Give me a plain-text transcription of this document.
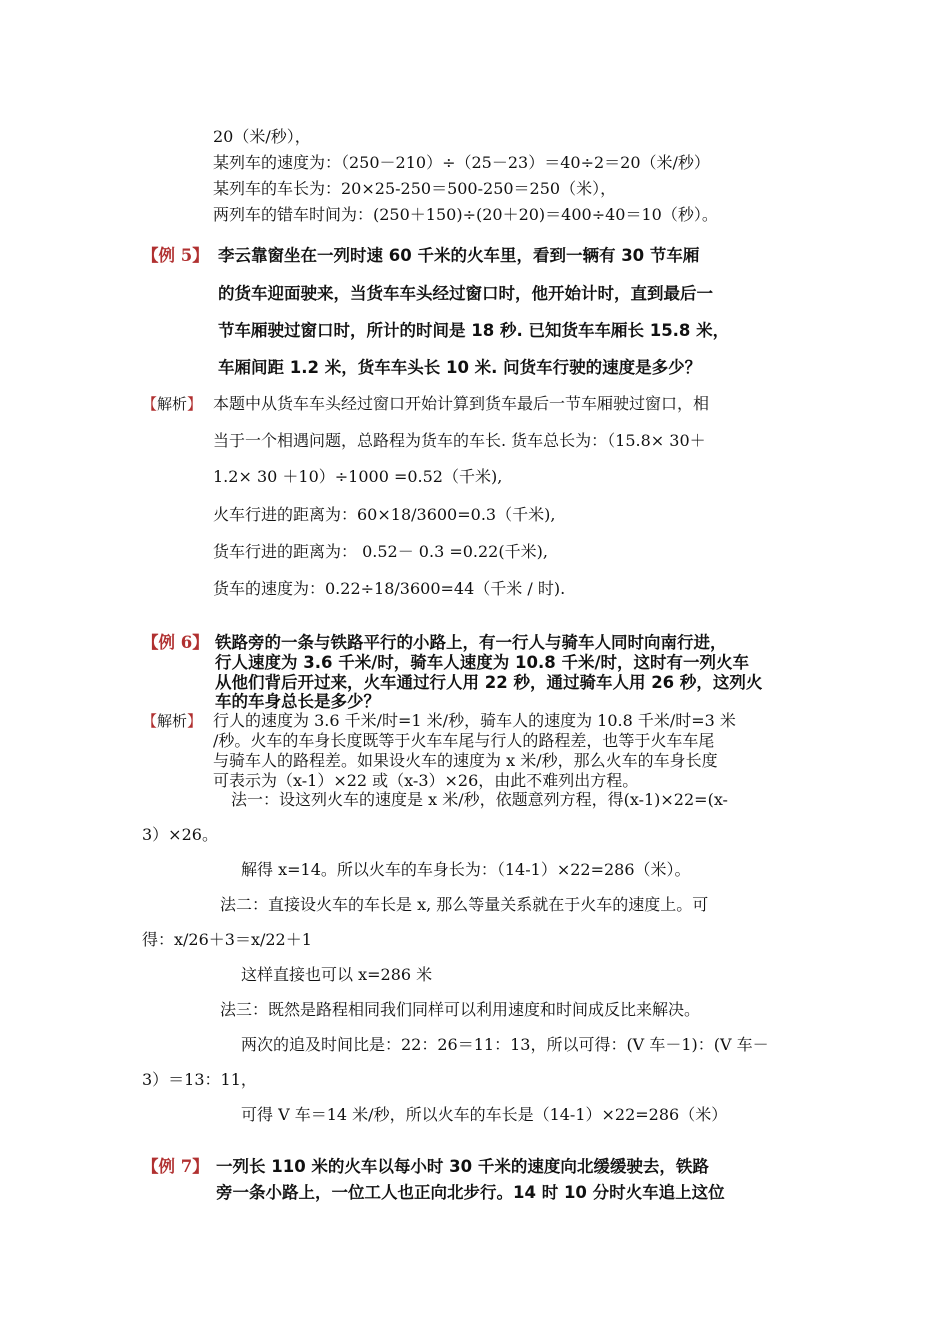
20（米/秒），
某列车的速度为：（250－210）÷（25－23）＝40÷2＝20（米/秒）
某列车的车长为：20×25-250＝500-250＝250（米），
两列车的错车时间为：(250＋150)÷(20＋20)＝400÷40＝10（秒）。
【例 5】 李云靠窗坐在一列时速 60 千米的火车里，看到一辆有 30 节车厢
的货车迎面驶来，当货车车头经过窗口时，他开始计时，直到最后一
节车厢驶过窗口时，所计的时间是 18 秒. 已知货车车厢长 15.8 米，
车厢间距 1.2 米，货车车头长 10 米. 问货车行驶的速度是多少？
【解析】 本题中从货车车头经过窗口开始计算到货车最后一节车厢驶过窗口，相
当于一个相遇问题，总路程为货车的车长. 货车总长为：（15.8× 30＋
1.2× 30 ＋10）÷1000 =0.52（千米),
火车行进的距离为：60×18/3600=0.3（千米),
货车行进的距离为： 0.52－ 0.3 =0.22(千米),
货车的速度为：0.22÷18/3600=44（千米 / 时).
【例 6】 铁路旁的一条与铁路平行的小路上，有一行人与骑车人同时向南行进，
行人速度为 3.6 千米/时，骑车人速度为 10.8 千米/时，这时有一列火车
从他们背后开过来，火车通过行人用 22 秒，通过骑车人用 26 秒，这列火
车的车身总长是多少？
【解析】 行人的速度为 3.6 千米/时=1 米/秒，骑车人的速度为 10.8 千米/时=3 米
/秒。火车的车身长度既等于火车车尾与行人的路程差，也等于火车车尾
与骑车人的路程差。如果设火车的速度为 x 米/秒，那么火车的车身长度
可表示为（x-1）×22 或（x-3）×26，由此不难列出方程。
法一：设这列火车的速度是 x 米/秒，依题意列方程，得(x-1)×22=(x-
3）×26。
解得 x=14。所以火车的车身长为：（14-1）×22=286（米）。
法二：直接设火车的车长是 x, 那么等量关系就在于火车的速度上。可
得：x/26＋3＝x/22＋1
这样直接也可以 x=286 米
法三：既然是路程相同我们同样可以利用速度和时间成反比来解决。
两次的追及时间比是：22：26＝11：13，所以可得：(V 车－1)：(V 车－
3）＝13：11，
可得 V 车＝14 米/秒，所以火车的车长是（14-1）×22=286（米）
【例 7】 一列长 110 米的火车以每小时 30 千米的速度向北缓缓驶去，铁路
旁一条小路上，一位工人也正向北步行。14 时 10 分时火车追上这位
